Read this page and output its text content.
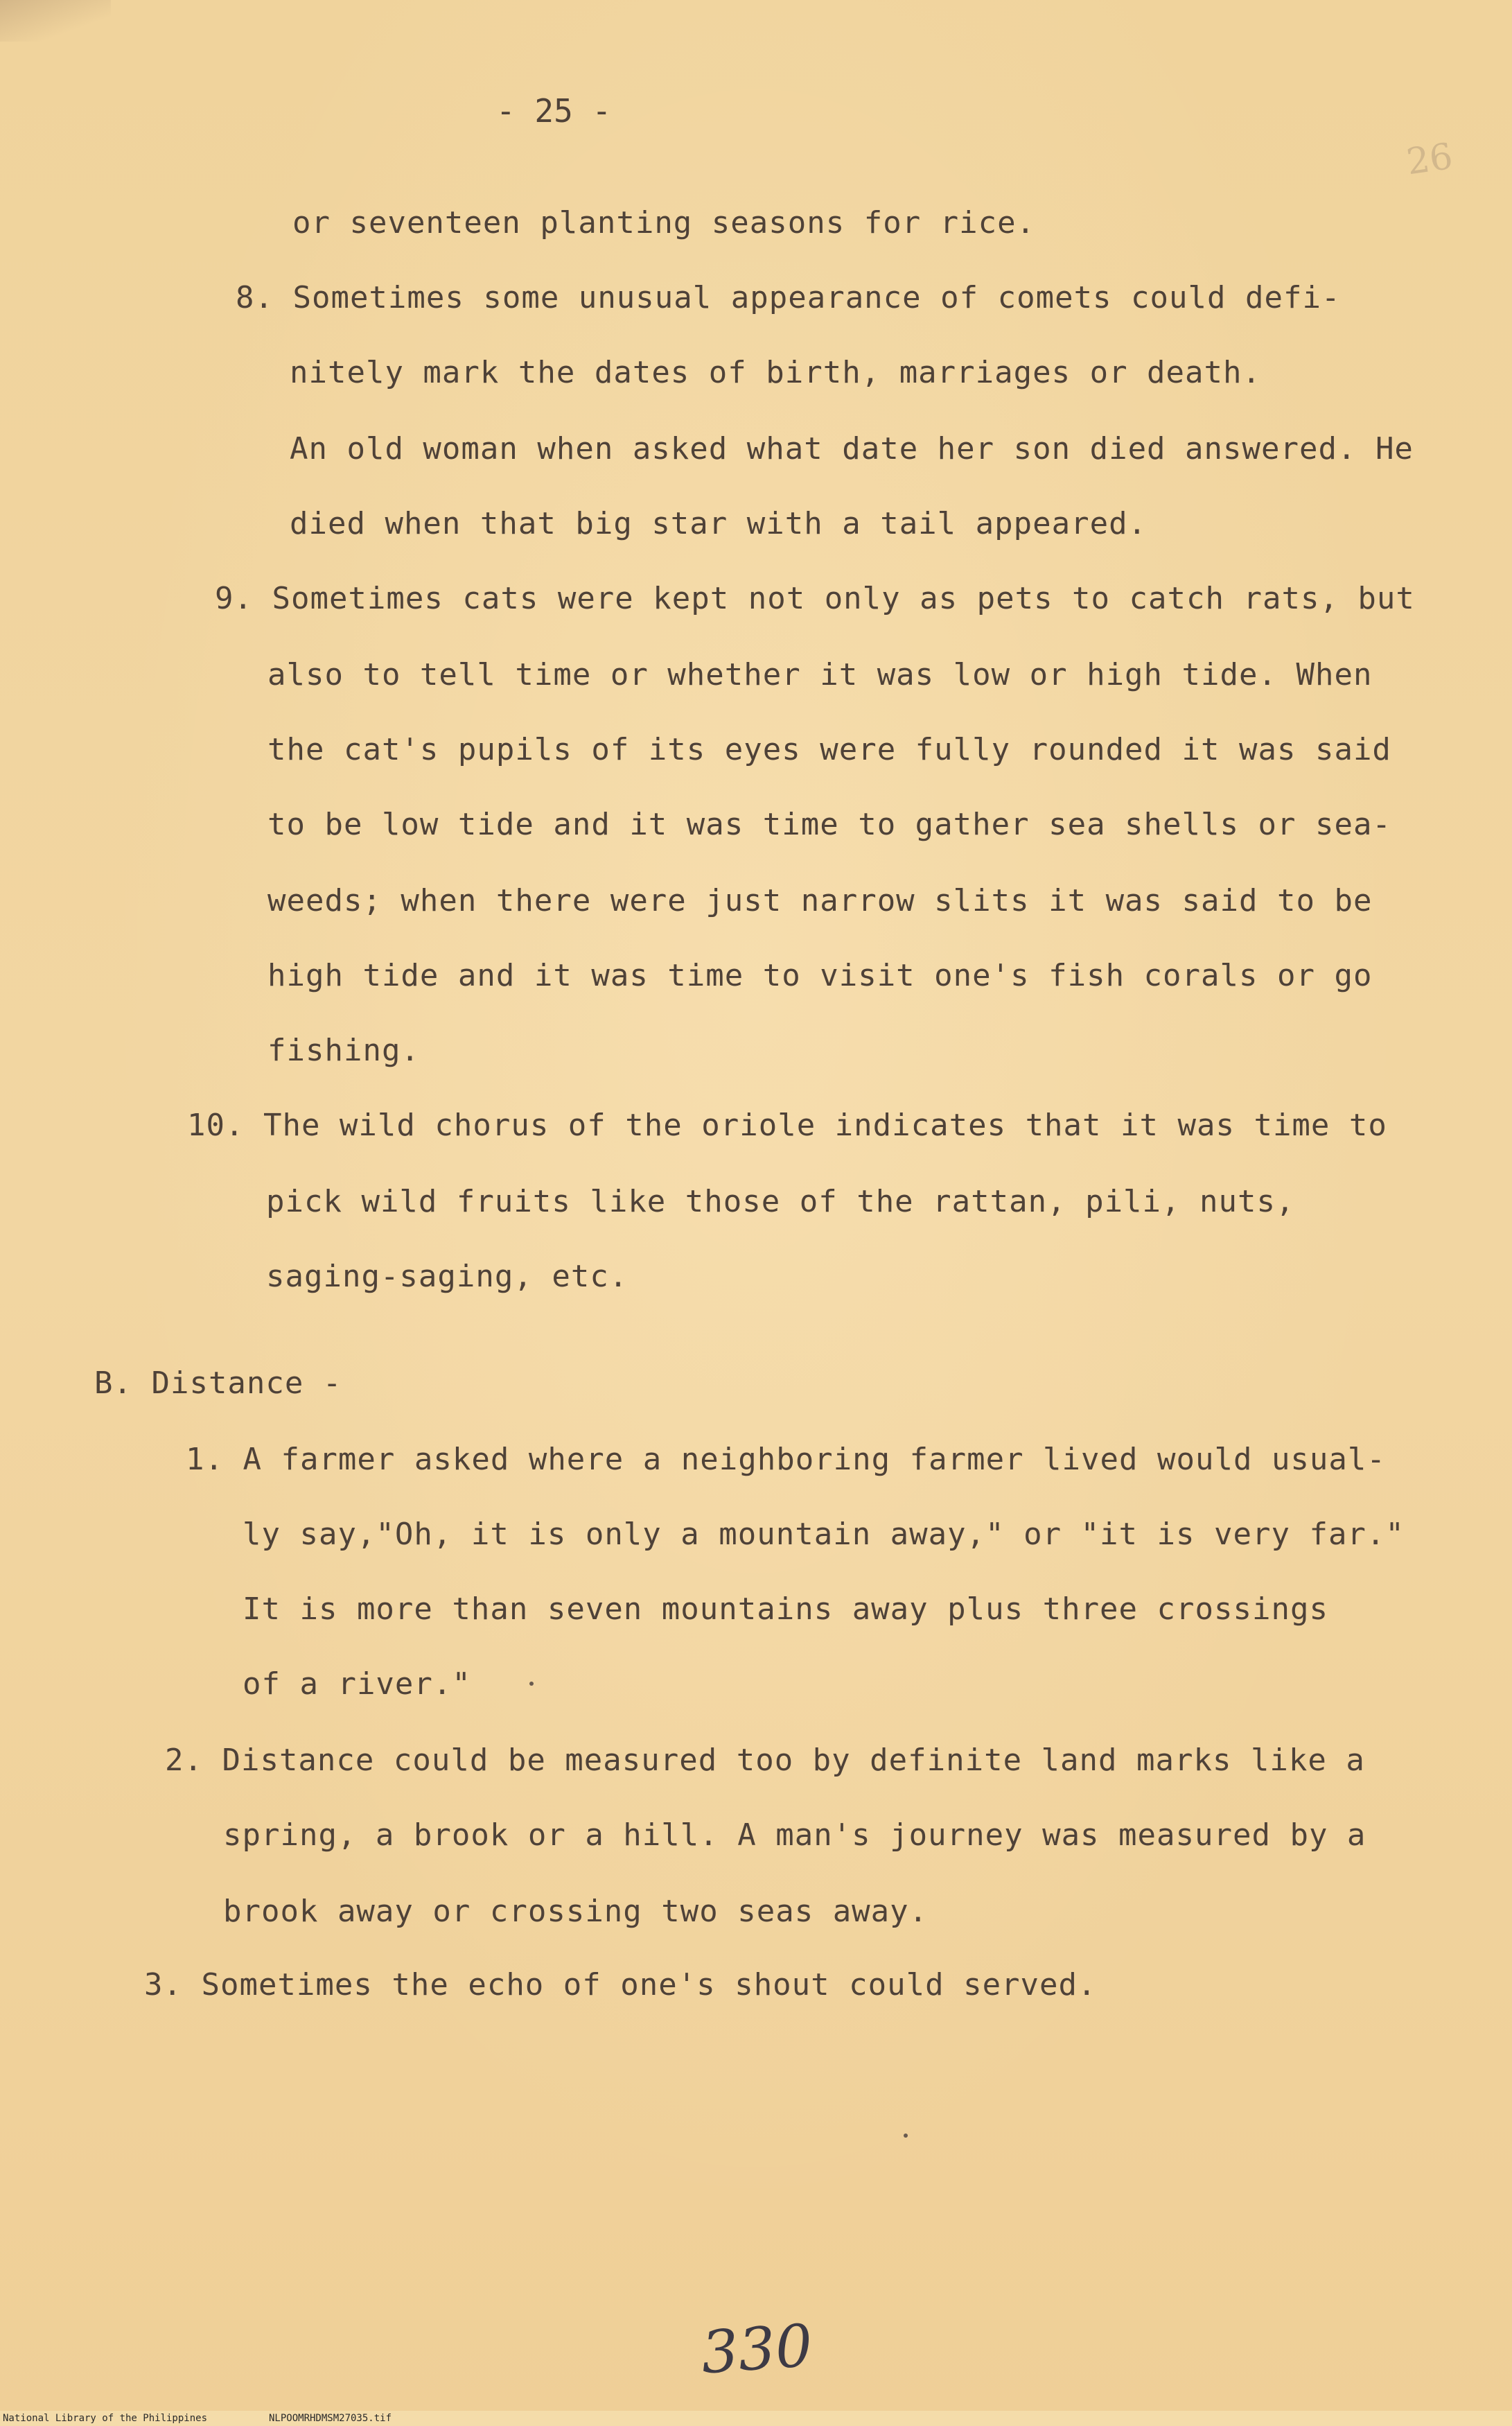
- 25 -
26
or seventeen planting seasons for rice.
8. Sometimes some unusual appearance of comets could defi-
nitely mark the dates of birth, marriages or death.
An old woman when asked what date her son died answered. He
died when that big star with a tail appeared.
9. Sometimes cats were kept not only as pets to catch rats, but
also to tell time or whether it was low or high tide. When
the cat's pupils of its eyes were fully rounded it was said
to be low tide and it was time to gather sea shells or sea-
weeds; when there were just narrow slits it was said to be
high tide and it was time to visit one's fish corals or go
fishing.
10. The wild chorus of the oriole indicates that it was time to
pick wild fruits like those of the rattan, pili, nuts,
saging-saging, etc.
B. Distance -
1. A farmer asked where a neighboring farmer lived would usual-
ly say,"Oh, it is only a mountain away," or "it is very far."
It is more than seven mountains away plus three crossings
of a river."
2. Distance could be measured too by definite land marks like a
spring, a brook or a hill. A man's journey was measured by a
brook away or crossing two seas away.
3. Sometimes the echo of one's shout could served.
330
National Library of the Philippines	NLPOOMRHDMSM27035.tif
